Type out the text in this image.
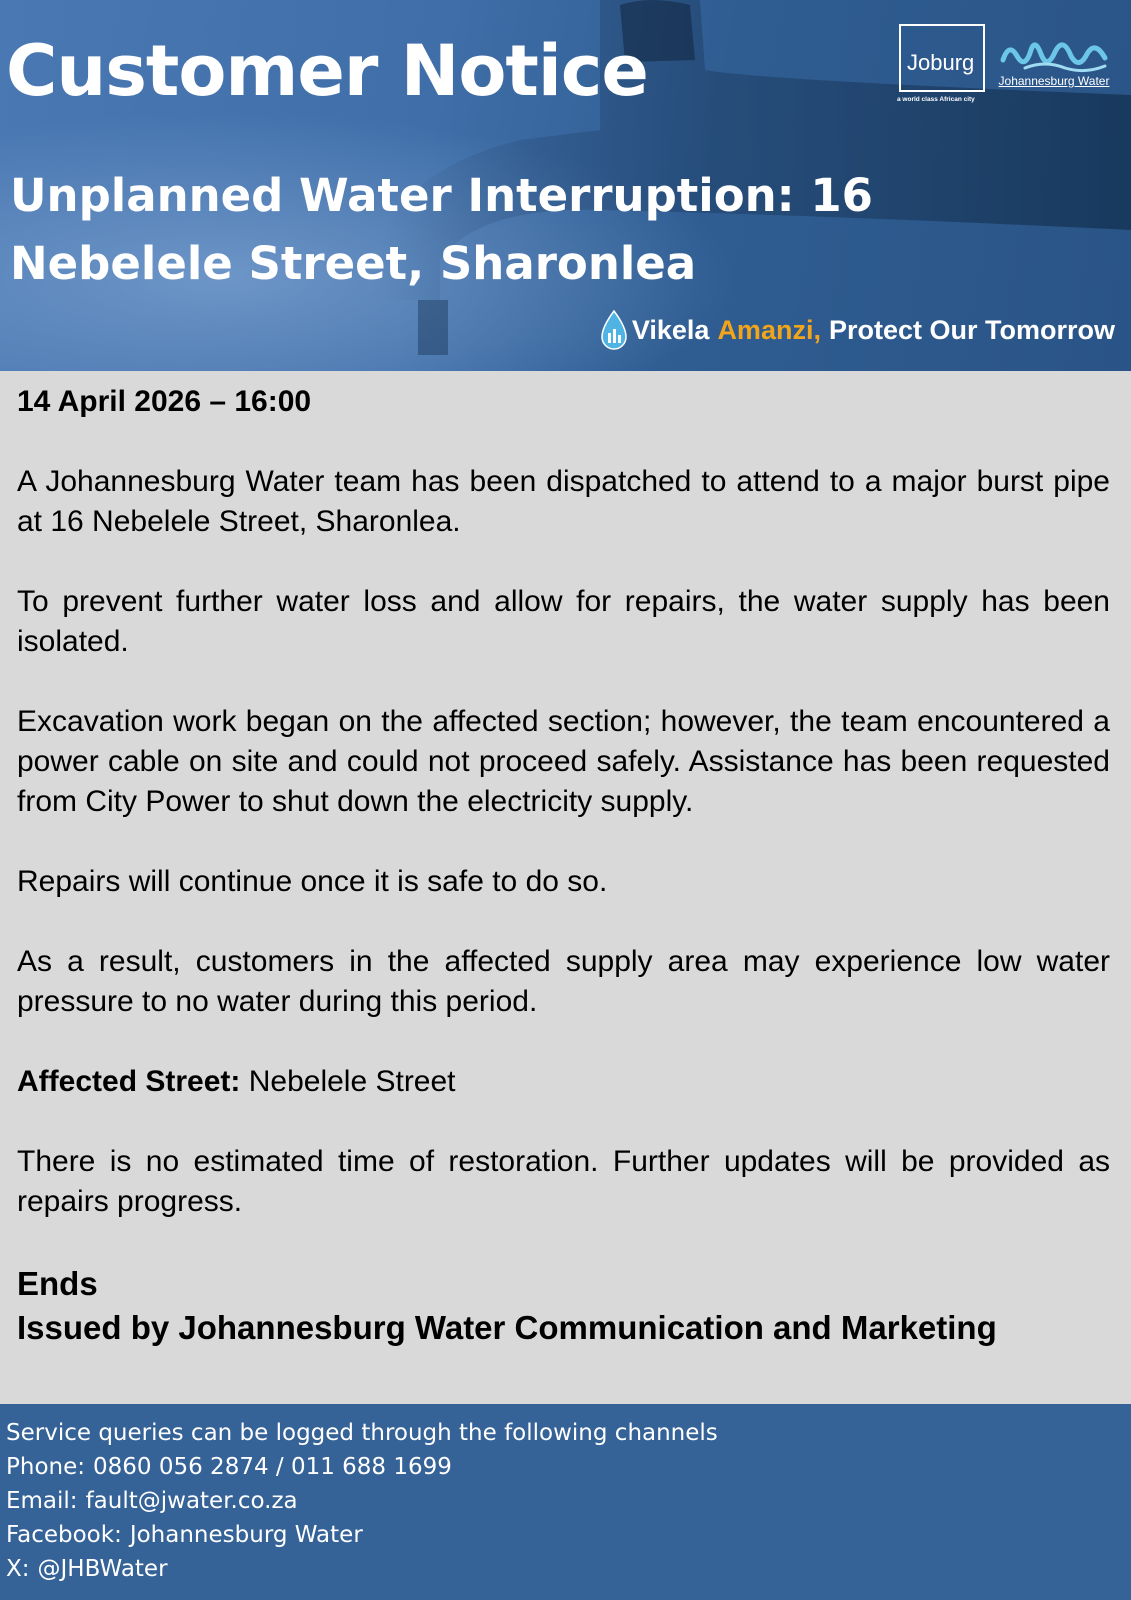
Customer Notice
Unplanned Water Interruption: 16
Nebelele Street, Sharonlea
Joburg
a world class African city
Johannesburg Water
Vikela Amanzi, Protect Our Tomorrow
14 April 2026 – 16:00

A Johannesburg Water team has been dispatched to attend to a major burst pipe at 16 Nebelele Street, Sharonlea.

To prevent further water loss and allow for repairs, the water supply has been isolated.

Excavation work began on the affected section; however, the team encountered a power cable on site and could not proceed safely. Assistance has been requested from City Power to shut down the electricity supply.

Repairs will continue once it is safe to do so.

As a result, customers in the affected supply area may experience low water pressure to no water during this period.

Affected Street: Nebelele Street

There is no estimated time of restoration. Further updates will be provided as repairs progress.

Ends
Issued by Johannesburg Water Communication and Marketing
Service queries can be logged through the following channels
Phone: 0860 056 2874 / 011 688 1699
Email: fault@jwater.co.za
Facebook: Johannesburg Water
X: @JHBWater
